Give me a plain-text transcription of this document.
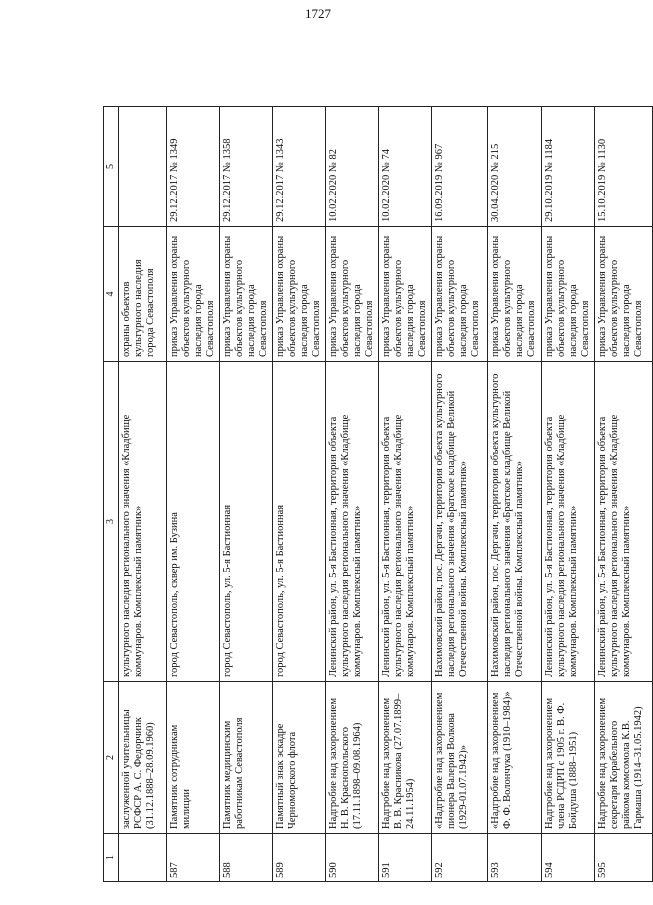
1727
1	2	3	4	5
	заслуженной учительницы РСФСР А. С. Федорчинк (31.12.1888–28.09.1960)	культурного наследия регионального значения «Кладбище коммунаров. Комплексный памятник»	охраны объектов культурного наследия города Севастополя	
587	Памятник сотрудникам милиции	город Севастополь, сквер им. Бузина	приказ Управления охраны объектов культурного наследия города Севастополя	29.12.2017 № 1349
588	Памятник медицинским работникам Севастополя	город Севастополь, ул. 5-я Бастионная	приказ Управления охраны объектов культурного наследия города Севастополя	29.12.2017 № 1358
589	Памятный знак эскадре Черноморского флота	город Севастополь, ул. 5-я Бастионная	приказ Управления охраны объектов культурного наследия города Севастополя	29.12.2017 № 1343
590	Надгробие над захоронением Н. В. Краснопольского (17.11.1898–09.08.1964)	Ленинский район, ул. 5-я Бастионная, территория объекта культурного наследия регионального значения «Кладбище коммунаров. Комплексный памятник»	приказ Управления охраны объектов культурного наследия города Севастополя	10.02.2020 № 82
591	Надгробие над захоронением В. В. Красникова (27.07.1899–24.11.1954)	Ленинский район, ул. 5-я Бастионная, территория объекта культурного наследия регионального значения «Кладбище коммунаров. Комплексный памятник»	приказ Управления охраны объектов культурного наследия города Севастополя	10.02.2020 № 74
592	«Надгробие над захоронением пионера Валерия Волкова (1929-01.07.1942)»	Нахимовский район, пос. Дергачи, территория объекта культурного наследия регионального значения «Братское кладбище Великой Отечественной войны. Комплексный памятник»	приказ Управления охраны объектов культурного наследия города Севастополя	16.09.2019 № 967
593	«Надгробие над захоронением Ф. Ф. Волончука (1910–1984)»	Нахимовский район, пос. Дергачи, территория объекта культурного наследия регионального значения «Братское кладбище Великой Отечественной войны. Комплексный памятник»	приказ Управления охраны объектов культурного наследия города Севастополя	30.04.2020 № 215
594	Надгробие над захоронением члена РСДРП с 1905 г. В. Ф. Бойдуша (1888–1951)	Ленинский район, ул. 5-я Бастионная, территория объекта культурного наследия регионального значения «Кладбище коммунаров. Комплексный памятник»	приказ Управления охраны объектов культурного наследия города Севастополя	29.10.2019 № 1184
595	Надгробие над захоронением секретаря Корабельного райкома комсомола К.В. Гармаша (1914–31.05.1942)	Ленинский район, ул. 5-я Бастионная, территория объекта культурного наследия регионального значения «Кладбище коммунаров. Комплексный памятник»	приказ Управления охраны объектов культурного наследия города Севастополя	15.10.2019 № 1130
